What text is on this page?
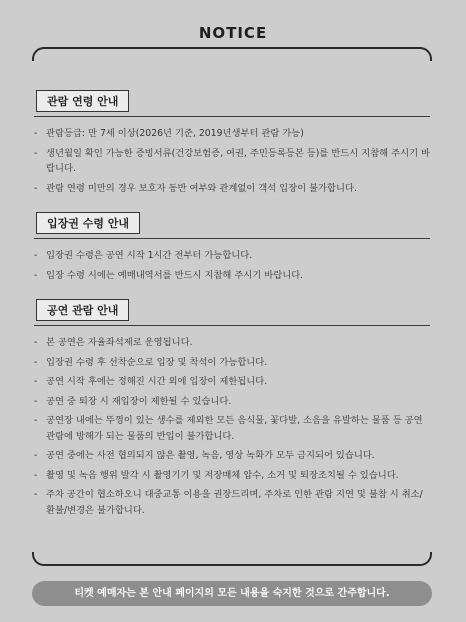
NOTICE
관람 연령 안내
- 관람등급: 만 7세 이상(2026년 기준, 2019년생부터 관람 가능)
- 생년월일 확인 가능한 증빙서류(건강보험증, 여권, 주민등록등본 등)를 반드시 지참해 주시기 바랍니다.
- 관람 연령 미만의 경우 보호자 동반 여부와 관계없이 객석 입장이 불가합니다.
입장권 수령 안내
- 입장권 수령은 공연 시작 1시간 전부터 가능합니다.
- 입장 수령 시에는 예매내역서를 반드시 지참해 주시기 바랍니다.
공연 관람 안내
- 본 공연은 자율좌석제로 운영됩니다.
- 입장권 수령 후 선착순으로 입장 및 착석이 가능합니다.
- 공연 시작 후에는 정해진 시간 외에 입장이 제한됩니다.
- 공연 중 퇴장 시 재입장이 제한될 수 있습니다.
- 공연장 내에는 뚜껑이 있는 생수를 제외한 모든 음식물, 꽃다발, 소음을 유발하는 물품 등 공연 관람에 방해가 되는 물품의 반입이 불가합니다.
- 공연 중에는 사전 협의되지 않은 촬영, 녹음, 영상 녹화가 모두 금지되어 있습니다.
- 촬영 및 녹음 행위 발각 시 촬영기기 및 저장매체 압수, 소거 및 퇴장조치될 수 있습니다.
- 주차 공간이 협소하오니 대중교통 이용을 권장드리며, 주차로 인한 관람 지연 및 불참 시 취소/환불/변경은 불가합니다.
티켓 예매자는 본 안내 페이지의 모든 내용을 숙지한 것으로 간주합니다.
